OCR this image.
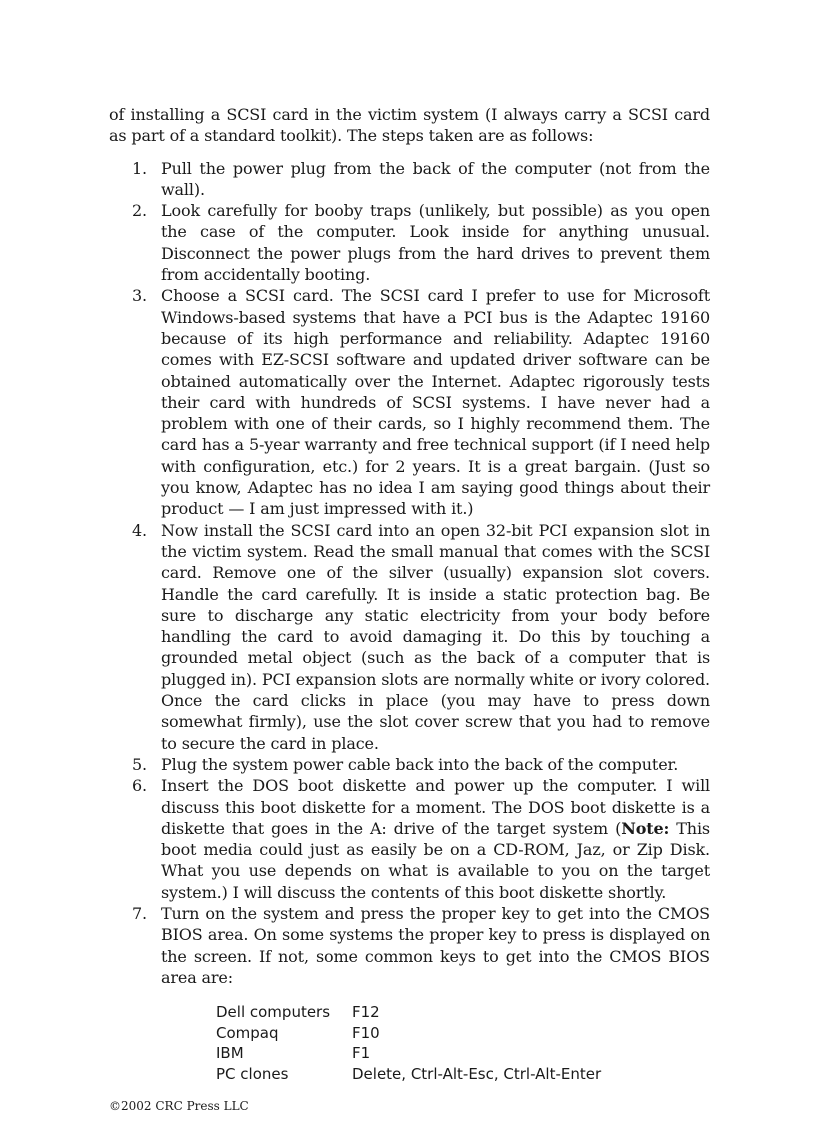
of installing a SCSI card in the victim system (I always carry a SCSI card as part of a standard toolkit). The steps taken are as follows:

1. Pull the power plug from the back of the computer (not from the wall).
2. Look carefully for booby traps (unlikely, but possible) as you open the case of the computer. Look inside for anything unusual. Disconnect the power plugs from the hard drives to prevent them from accidentally booting.
3. Choose a SCSI card. The SCSI card I prefer to use for Microsoft Windows-based systems that have a PCI bus is the Adaptec 19160 because of its high performance and reliability. Adaptec 19160 comes with EZ-SCSI software and updated driver software can be obtained automatically over the Internet. Adaptec rigorously tests their card with hundreds of SCSI systems. I have never had a problem with one of their cards, so I highly recommend them. The card has a 5-year warranty and free technical support (if I need help with configuration, etc.) for 2 years. It is a great bargain. (Just so you know, Adaptec has no idea I am saying good things about their product — I am just impressed with it.)
4. Now install the SCSI card into an open 32-bit PCI expansion slot in the victim system. Read the small manual that comes with the SCSI card. Remove one of the silver (usually) expansion slot covers. Handle the card carefully. It is inside a static protection bag. Be sure to discharge any static electricity from your body before handling the card to avoid damaging it. Do this by touching a grounded metal object (such as the back of a computer that is plugged in). PCI expansion slots are normally white or ivory colored. Once the card clicks in place (you may have to press down somewhat firmly), use the slot cover screw that you had to remove to secure the card in place.
5. Plug the system power cable back into the back of the computer.
6. Insert the DOS boot diskette and power up the computer. I will discuss this boot diskette for a moment. The DOS boot diskette is a diskette that goes in the A: drive of the target system (Note: This boot media could just as easily be on a CD-ROM, Jaz, or Zip Disk. What you use depends on what is available to you on the target system.) I will discuss the contents of this boot diskette shortly.
7. Turn on the system and press the proper key to get into the CMOS BIOS area. On some systems the proper key to press is displayed on the screen. If not, some common keys to get into the CMOS BIOS area are:
Dell computers	F12
Compaq	F10
IBM	F1
PC clones	Delete, Ctrl-Alt-Esc, Ctrl-Alt-Enter
©2002 CRC Press LLC
